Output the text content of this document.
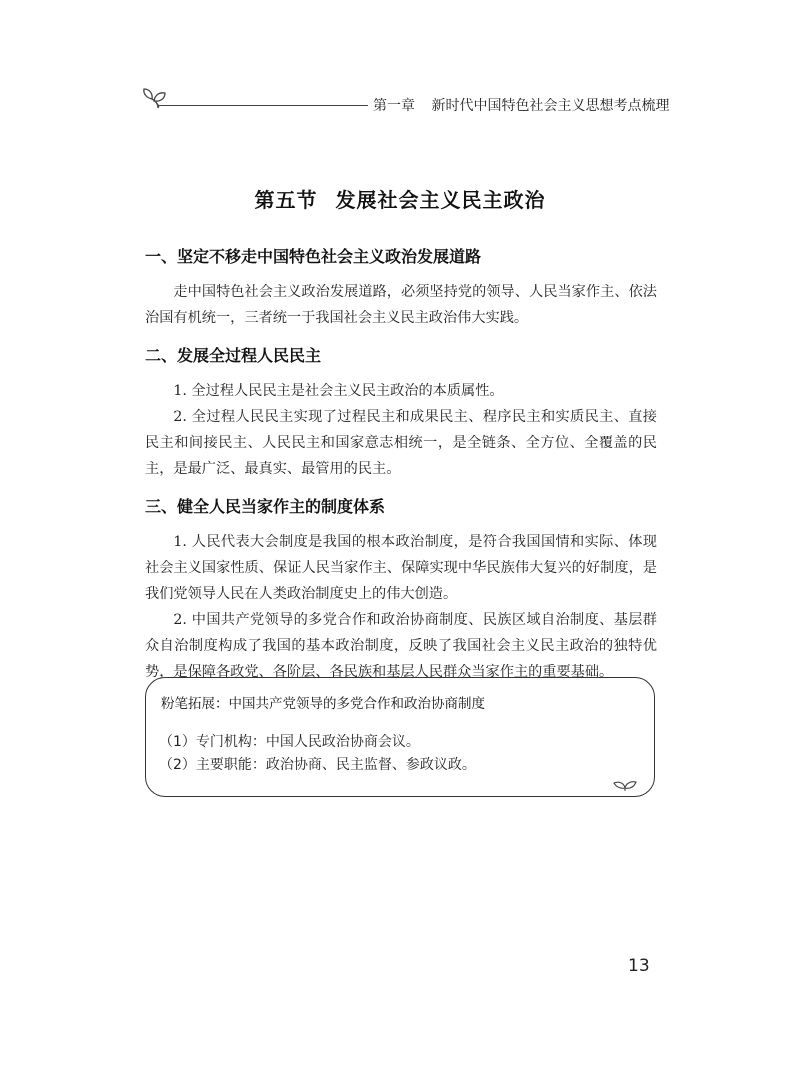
第一章 新时代中国特色社会主义思想考点梳理
第五节 发展社会主义民主政治
一、坚定不移走中国特色社会主义政治发展道路

走中国特色社会主义政治发展道路，必须坚持党的领导、人民当家作主、依法治国有机统一，三者统一于我国社会主义民主政治伟大实践。

二、发展全过程人民民主

1. 全过程人民民主是社会主义民主政治的本质属性。

2. 全过程人民民主实现了过程民主和成果民主、程序民主和实质民主、直接民主和间接民主、人民民主和国家意志相统一，是全链条、全方位、全覆盖的民主，是最广泛、最真实、最管用的民主。

三、健全人民当家作主的制度体系

1. 人民代表大会制度是我国的根本政治制度，是符合我国国情和实际、体现社会主义国家性质、保证人民当家作主、保障实现中华民族伟大复兴的好制度，是我们党领导人民在人类政治制度史上的伟大创造。

2. 中国共产党领导的多党合作和政治协商制度、民族区域自治制度、基层群众自治制度构成了我国的基本政治制度，反映了我国社会主义民主政治的独特优势，是保障各政党、各阶层、各民族和基层人民群众当家作主的重要基础。

粉笔拓展：中国共产党领导的多党合作和政治协商制度
（1）专门机构：中国人民政治协商会议。
（2）主要职能：政治协商、民主监督、参政议政。
13
